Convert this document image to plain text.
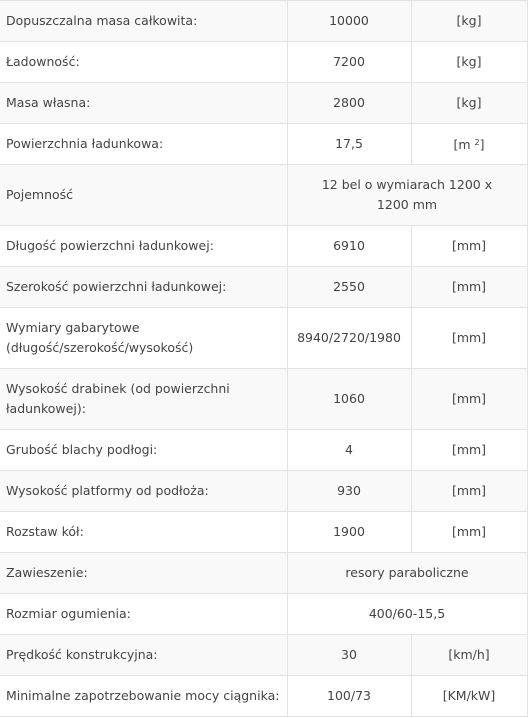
Dopuszczalna masa całkowita:	10000	[kg]
Ładowność:	7200	[kg]
Masa własna:	2800	[kg]
Powierzchnia ładunkowa:	17,5	[m $^2$]
Pojemność	12 bel o wymiarach 1200 x 1200 mm	
Długość powierzchni ładunkowej:	6910	[mm]
Szerokość powierzchni ładunkowej:	2550	[mm]
Wymiary gabarytowe (długość/szerokość/wysokość)	8940/2720/1980	[mm]
Wysokość drabinek (od powierzchni ładunkowej):	1060	[mm]
Grubość blachy podłogi:	4	[mm]
Wysokość platformy od podłoża:	930	[mm]
Rozstaw kół:	1900	[mm]
Zawieszenie:	resory paraboliczne	
Rozmiar ogumienia:	400/60-15,5	
Prędkość konstrukcyjna:	30	[km/h]
Minimalne zapotrzebowanie mocy ciągnika:	100/73	[KM/kW]
